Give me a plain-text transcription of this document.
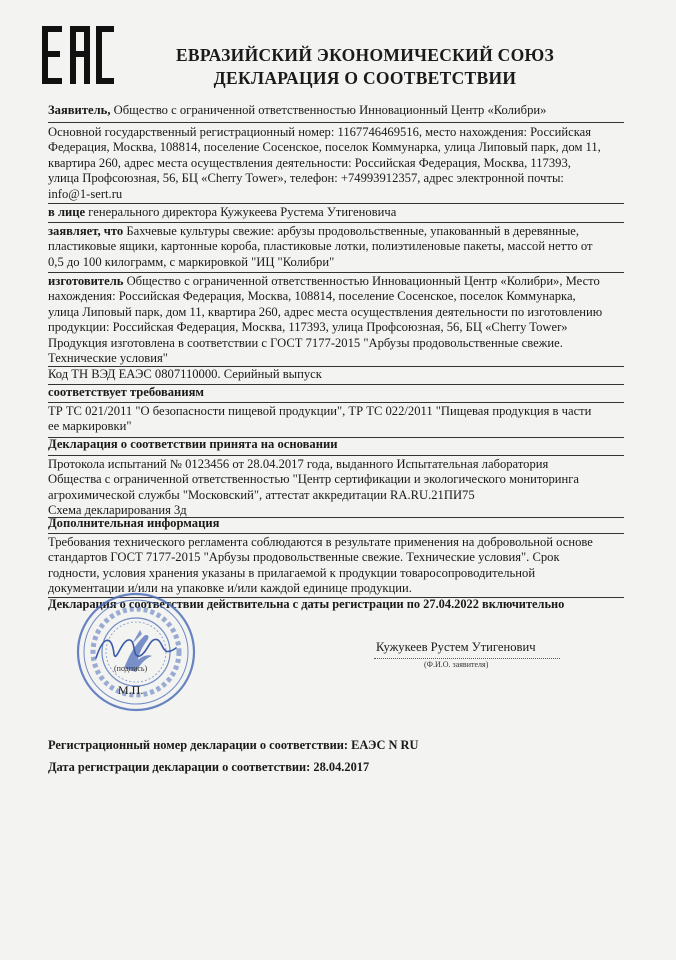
ЕВРАЗИЙСКИЙ ЭКОНОМИЧЕСКИЙ СОЮЗ
ДЕКЛАРАЦИЯ О СООТВЕТСТВИИ
Заявитель, Общество с ограниченной ответственностью Инновационный Центр «Колибри»
Основной государственный регистрационный номер: 1167746469516, место нахождения: Российская
Федерация, Москва, 108814, поселение Сосенское, поселок Коммунарка, улица Липовый парк, дом 11,
квартира 260, адрес места осуществления деятельности: Российская Федерация, Москва, 117393,
улица Профсоюзная, 56, БЦ «Cherry Tower», телефон: +74993912357, адрес электронной почты:
info@1-sert.ru
в лице генерального директора Кужукеева Рустема Утигеновича
заявляет, что Бахчевые культуры свежие: арбузы продовольственные, упакованный в деревянные,
пластиковые ящики, картонные короба, пластиковые лотки, полиэтиленовые пакеты, массой нетто от
0,5 до 100 килограмм, с маркировкой "ИЦ "Колибри"
изготовитель Общество с ограниченной ответственностью Инновационный Центр «Колибри», Место
нахождения: Российская Федерация, Москва, 108814, поселение Сосенское, поселок Коммунарка,
улица Липовый парк, дом 11, квартира 260, адрес места осуществления деятельности по изготовлению
продукции: Российская Федерация, Москва, 117393, улица Профсоюзная, 56, БЦ «Cherry Tower»
Продукция изготовлена в соответствии с ГОСТ 7177-2015 "Арбузы продовольственные свежие.
Технические условия"
Код ТН ВЭД ЕАЭС 0807110000. Серийный выпуск
соответствует требованиям
ТР ТС 021/2011 "О безопасности пищевой продукции", ТР ТС 022/2011 "Пищевая продукция в части
ее маркировки"
Декларация о соответствии принята на основании
Протокола испытаний № 0123456 от 28.04.2017 года, выданного Испытательная лаборатория
Общества с ограниченной ответственностью "Центр сертификации и экологического мониторинга
агрохимической службы "Московский", аттестат аккредитации RA.RU.21ПИ75
Схема декларирования 3д
Дополнительная информация
Требования технического регламента соблюдаются в результате применения на добровольной основе
стандартов ГОСТ 7177-2015 "Арбузы продовольственные свежие. Технические условия". Срок
годности, условия хранения указаны в прилагаемой к продукции товаросопроводительной
документации и/или на упаковке и/или каждой единице продукции.
Декларация о соответствии действительна с даты регистрации по 27.04.2022 включительно
(подпись)
М.П.
Кужукеев Рустем Утигенович
(Ф.И.О. заявителя)
Регистрационный номер декларации о соответствии: ЕАЭС N RU
Дата регистрации декларации о соответствии: 28.04.2017
